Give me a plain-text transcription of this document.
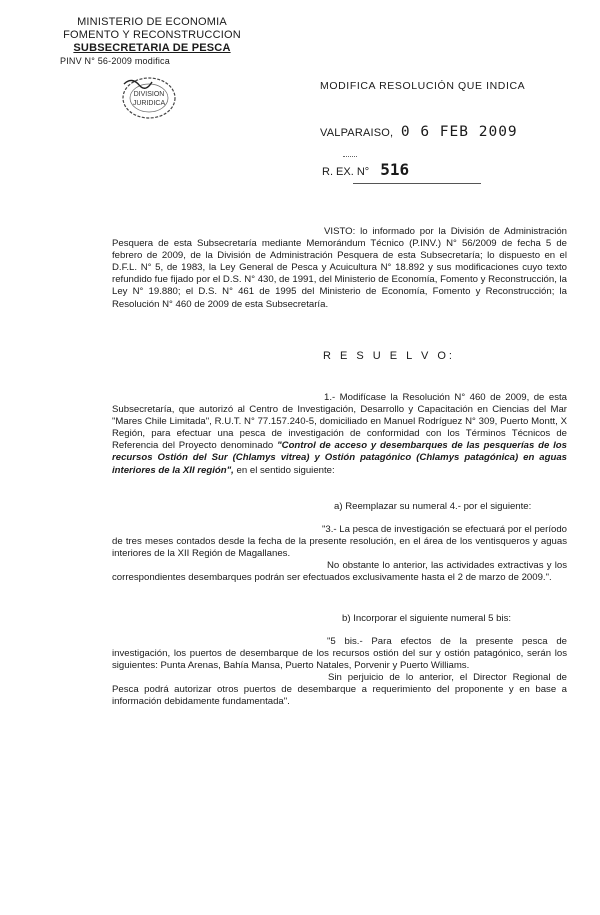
MINISTERIO DE ECONOMIA
FOMENTO Y RECONSTRUCCION
SUBSECRETARIA DE PESCA
PINV N° 56-2009 modifica
DIVISION
JURIDICA
MODIFICA RESOLUCIÓN QUE INDICA
VALPARAISO, 0 6 FEB 2009
R. EX. N° 516

VISTO: lo informado por la División de Administración Pesquera de esta Subsecretaría mediante Memorándum Técnico (P.INV.) N° 56/2009 de fecha 5 de febrero de 2009, de la División de Administración Pesquera de esta Subsecretaría; lo dispuesto en el D.F.L. N° 5, de 1983, la Ley General de Pesca y Acuicultura N° 18.892 y sus modificaciones cuyo texto refundido fue fijado por el D.S. N° 430, de 1991, del Ministerio de Economía, Fomento y Reconstrucción, la Ley N° 19.880; el D.S. N° 461 de 1995 del Ministerio de Economía, Fomento y Reconstrucción; la Resolución N° 460 de 2009 de esta Subsecretaría.

R E S U E L V O:

1.- Modifícase la Resolución N° 460 de 2009, de esta Subsecretaría, que autorizó al Centro de Investigación, Desarrollo y Capacitación en Ciencias del Mar "Mares Chile Limitada", R.U.T. N° 77.157.240-5, domiciliado en Manuel Rodríguez N° 309, Puerto Montt, X Región, para efectuar una pesca de investigación de conformidad con los Términos Técnicos de Referencia del Proyecto denominado "Control de acceso y desembarques de las pesquerías de los recursos Ostión del Sur (Chlamys vitrea) y Ostión patagónico (Chlamys patagónica) en aguas interiores de la XII región", en el sentido siguiente:

a) Reemplazar su numeral 4.- por el siguiente:

"3.- La pesca de investigación se efectuará por el período de tres meses contados desde la fecha de la presente resolución, en el área de los ventisqueros y aguas interiores de la XII Región de Magallanes.

No obstante lo anterior, las actividades extractivas y los correspondientes desembarques podrán ser efectuados exclusivamente hasta el 2 de marzo de 2009.".

b) Incorporar el siguiente numeral 5 bis:

"5 bis.- Para efectos de la presente pesca de investigación, los puertos de desembarque de los recursos ostión del sur y ostión patagónico, serán los siguientes: Punta Arenas, Bahía Mansa, Puerto Natales, Porvenir y Puerto Williams.

Sin perjuicio de lo anterior, el Director Regional de Pesca podrá autorizar otros puertos de desembarque a requerimiento del proponente y en base a información debidamente fundamentada".
